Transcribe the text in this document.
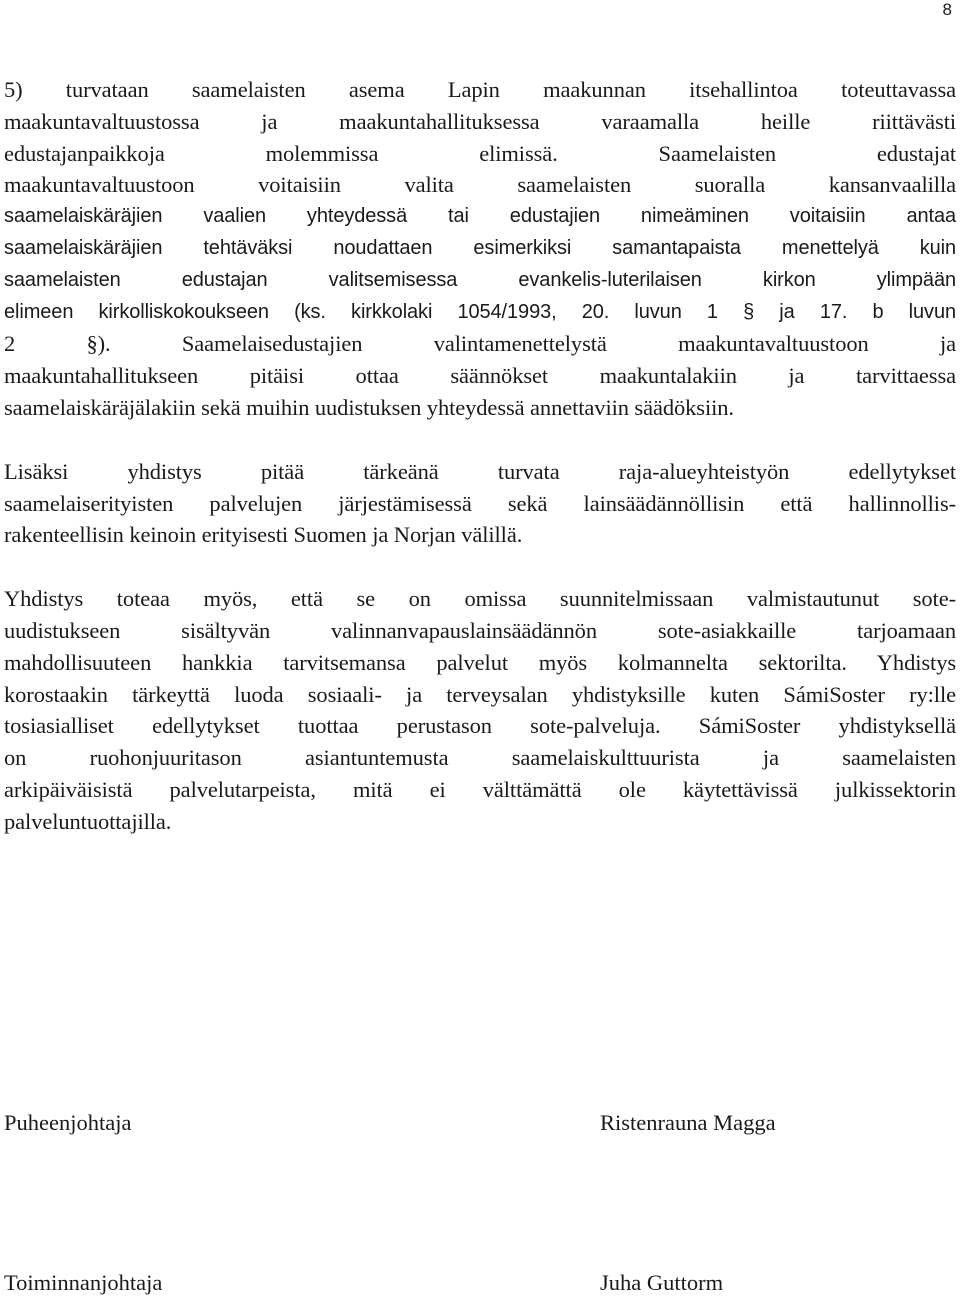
8

5) turvataan saamelaisten asema Lapin maakunnan itsehallintoa toteuttavassa
maakuntavaltuustossa ja maakuntahallituksessa varaamalla heille riittävästi
edustajanpaikkoja molemmissa elimissä. Saamelaisten edustajat
maakuntavaltuustoon voitaisiin valita saamelaisten suoralla kansanvaalilla
saamelaiskäräjien vaalien yhteydessä tai edustajien nimeäminen voitaisiin antaa
saamelaiskäräjien tehtäväksi noudattaen esimerkiksi samantapaista menettelyä kuin
saamelaisten edustajan valitsemisessa evankelis-luterilaisen kirkon ylimpään
elimeen kirkolliskokoukseen (ks. kirkkolaki 1054/1993, 20. luvun 1 § ja 17. b luvun
2 §). Saamelaisedustajien valintamenettelystä maakuntavaltuustoon ja
maakuntahallitukseen pitäisi ottaa säännökset maakuntalakiin ja tarvittaessa
saamelaiskäräjälakiin sekä muihin uudistuksen yhteydessä annettaviin säädöksiin.

Lisäksi yhdistys pitää tärkeänä turvata raja-alueyhteistyön edellytykset
saamelaiserityisten palvelujen järjestämisessä sekä lainsäädännöllisin että hallinnollis-
rakenteellisin keinoin erityisesti Suomen ja Norjan välillä.

Yhdistys toteaa myös, että se on omissa suunnitelmissaan valmistautunut sote-
uudistukseen sisältyvän valinnanvapauslainsäädännön sote-asiakkaille tarjoamaan
mahdollisuuteen hankkia tarvitsemansa palvelut myös kolmannelta sektorilta. Yhdistys
korostaakin tärkeyttä luoda sosiaali- ja terveysalan yhdistyksille kuten SámiSoster ry:lle
tosiasialliset edellytykset tuottaa perustason sote-palveluja. SámiSoster yhdistyksellä
on ruohonjuuritason asiantuntemusta saamelaiskulttuurista ja saamelaisten
arkipäiväisistä palvelutarpeista, mitä ei välttämättä ole käytettävissä julkissektorin
palveluntuottajilla.

Puheenjohtaja	Ristenrauna Magga
Toiminnanjohtaja	Juha Guttorm
